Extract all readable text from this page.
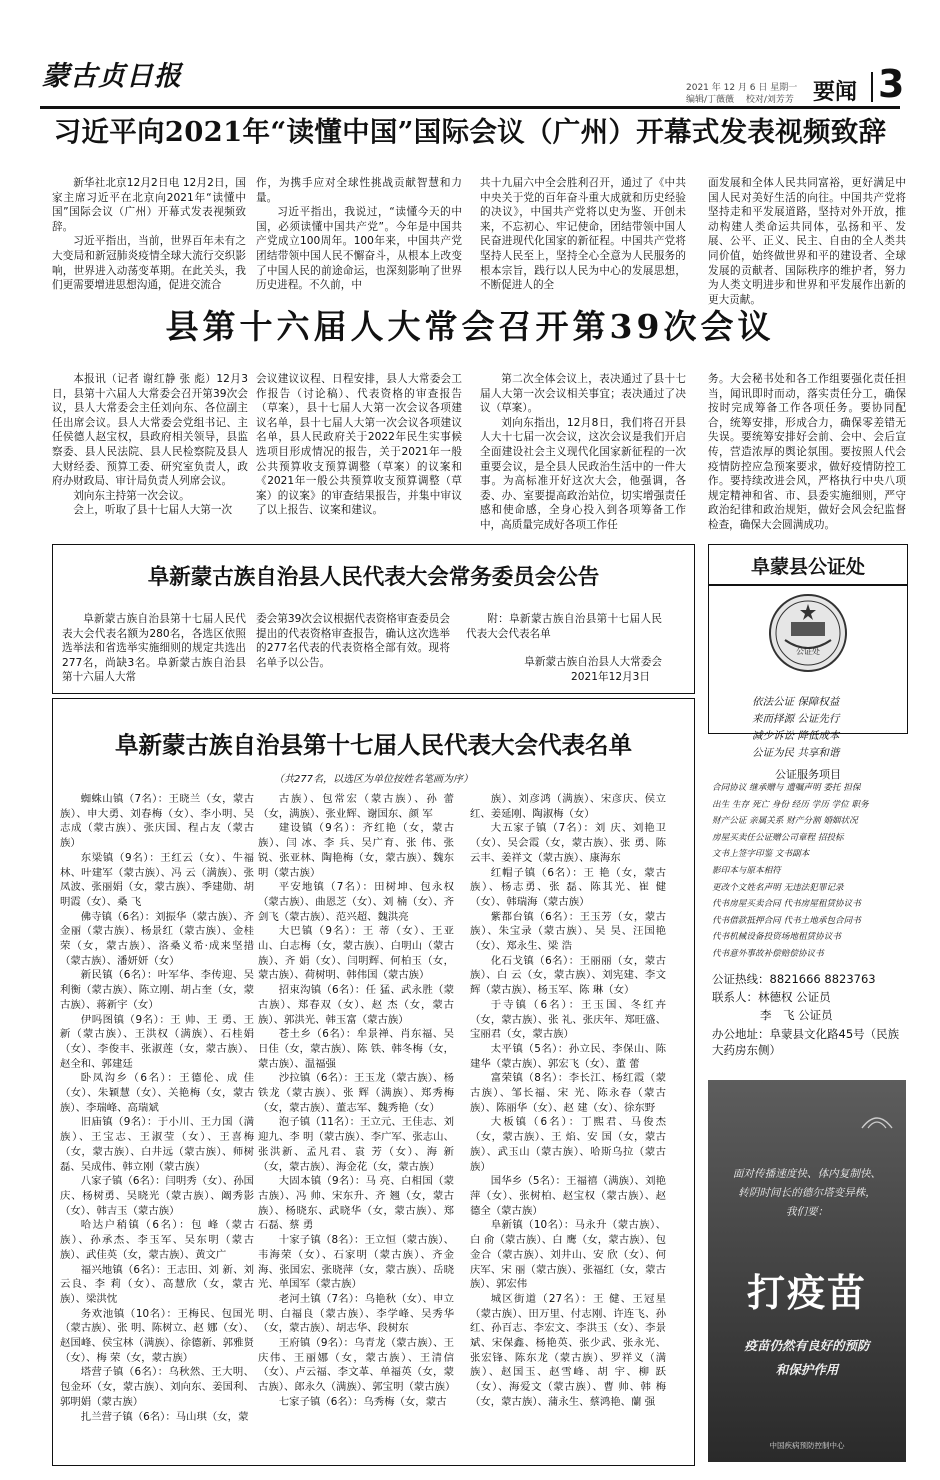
蒙古贞日报	2021 年 12 月 6 日 星期一
编辑/丁薇薇　 校对/刘芳芳 要闻 3
习近平向2021年“读懂中国”国际会议（广州）开幕式发表视频致辞

新华社北京12月2日电 12月2日，国家主席习近平在北京向2021年“读懂中国”国际会议（广州）开幕式发表视频致辞。

习近平指出，当前，世界百年未有之大变局和新冠肺炎疫情全球大流行交织影响，世界进入动荡变革期。在此关头，我们更需要增进思想沟通，促进交流合

作，为携手应对全球性挑战贡献智慧和力量。

习近平指出，我说过，“读懂今天的中国，必须读懂中国共产党”。今年是中国共产党成立100周年。100年来，中国共产党团结带领中国人民不懈奋斗，从根本上改变了中国人民的前途命运，也深刻影响了世界历史进程。不久前，中

共十九届六中全会胜利召开，通过了《中共中央关于党的百年奋斗重大成就和历史经验的决议》，中国共产党将以史为鉴、开创未来，不忘初心、牢记使命，团结带领中国人民奋进现代化国家的新征程。中国共产党将坚持人民至上，坚持全心全意为人民服务的根本宗旨，践行以人民为中心的发展思想，不断促进人的全

面发展和全体人民共同富裕，更好满足中国人民对美好生活的向往。中国共产党将坚持走和平发展道路，坚持对外开放，推动构建人类命运共同体，弘扬和平、发展、公平、正义、民主、自由的全人类共同价值，始终做世界和平的建设者、全球发展的贡献者、国际秩序的维护者，努力为人类文明进步和世界和平发展作出新的更大贡献。

县第十六届人大常会召开第39次会议

本报讯（记者 谢红静 张 彪）12月3日，县第十六届人大常委会召开第39次会议，县人大常委会主任刘向东、各位副主任出席会议。县人大常委会党组书记、主任侯德人赵宝权，县政府相关领导，县监察委、县人民法院、县人民检察院及县人大财经委、预算工委、研究室负责人，政府办财政局、审计局负责人列席会议。

刘向东主持第一次会议。

会上，听取了县十七届人大第一次

会议建议议程、日程安排，县人大常委会工作报告（讨论稿）、代表资格的审查报告（草案），县十七届人大第一次会议各项建议名单，县十七届人大第一次会议各项建议名单，县人民政府关于2022年民生实事候选项目形成情况的报告，关于2021年一般公共预算收支预算调整（草案）的议案和《2021年一般公共预算收支预算调整（草案）的议案》的审查结果报告，并集中审议了以上报告、议案和建议。

第二次全体会议上，表决通过了县十七届人大第一次会议相关事宜；表决通过了决议（草案）。

刘向东指出，12月8日，我们将召开县人大十七届一次会议，这次会议是我们开启全面建设社会主义现代化国家新征程的一次重要会议，是全县人民政治生活中的一件大事。为高标准开好这次大会，他强调，各委、办、室要提高政治站位，切实增强责任感和使命感，全身心投入到各项筹备工作中，高质量完成好各项工作任

务。大会秘书处和各工作组要强化责任担当，闻讯即时而动，落实责任分工，确保按时完成筹备工作各项任务。要协同配合，统筹安排，形成合力，确保零差错无失误。要统筹安排好会前、会中、会后宣传，营造浓厚的舆论氛围。要按照人代会疫情防控应急预案要求，做好疫情防控工作。要持续改进会风，严格执行中央八项规定精神和省、市、县委实施细则，严守政治纪律和政治规矩，做好会风会纪监督检查，确保大会圆满成功。

阜新蒙古族自治县人民代表大会常务委员会公告

阜新蒙古族自治县第十七届人民代表大会代表名额为280名，各选区依照选举法和省选举实施细则的规定共选出277名，尚缺3名。阜新蒙古族自治县第十六届人大常

委会第39次会议根据代表资格审查委员会提出的代表资格审查报告，确认这次选举的277名代表的代表资格全部有效。现将名单予以公告。

附：阜新蒙古族自治县第十七届人民代表大会代表名单

阜新蒙古族自治县人大常委会

2021年12月3日

阜新蒙古族自治县第十七届人民代表大会代表名单
（共277名，以选区为单位按姓名笔画为序）

蜘蛛山镇（7名）：王晓兰（女，蒙古族）、申大勇、刘春梅（女）、李小明、吴志成（蒙古族）、张庆国、程占友（蒙古族）

东梁镇（9名）：王红云（女）、牛福林、叶建军（蒙古族）、冯 云（满族）、张凤波、张丽娟（女，蒙古族）、季建勋、胡明霞（女）、桑 飞

佛寺镇（6名）：刘振华（蒙古族）、齐金丽（蒙古族）、杨景红（蒙古族）、金桂荣（女，蒙古族）、洛桑义希·成来坚措（蒙古族）、潘妍妍（女）

新民镇（6名）：叶军华、李传迎、吴利衡（蒙古族）、陈立刚、胡占奎（女，蒙古族）、蒋新宇（女）

伊吗图镇（9名）：王 帅、王 勇、王 新（蒙古族）、王洪权（满族）、石桂娟（女）、李俊丰、张淑莲（女，蒙古族）、赵全和、郭建廷

卧凤沟乡（6名）：王德伦、成 佳（女）、朱颖慧（女）、关艳梅（女，蒙古族）、李瑞峰、高瑞斌

旧庙镇（9名）：于小川、王力国（满族）、王宝志、王淑莹（女）、王喜梅（女，蒙古族）、白井远（蒙古族）、师树磊、吴成伟、韩立刚（蒙古族）

八家子镇（6名）：闫明秀（女）、孙国庆、杨树勇、吴晓光（蒙古族）、阚秀影（女）、韩吉玉（蒙古族）

哈达户稍镇（6名）：包 峰（蒙古族）、孙承杰、李玉军、吴东明（蒙古族）、武佳英（女，蒙古族）、黄文广

福兴地镇（6名）：王志田、刘 新、刘云良、李 莉（女）、高慧欣（女，蒙古族）、梁洪忱

务欢池镇（10名）：王梅民、包国光（蒙古族）、张 明、陈树立、赵 娜（女）、赵国峰、侯宝林（满族）、徐德新、郭雅贤（女）、梅 荣（女，蒙古族）

塔营子镇（6名）：乌秋然、王大明、包金环（女，蒙古族）、刘向东、姜国利、郭明娟（蒙古族）

扎兰营子镇（6名）：马山琪（女，蒙

古族）、包常宏（蒙古族）、孙 蕾（女，满族）、张业辉、谢国东、颜 军

建设镇（9名）：齐红艳（女，蒙古族）、闫 冰、李 兵、吴广育、张 伟、张 锐、张亚林、陶艳梅（女，蒙古族）、魏东明（蒙古族）

平安地镇（7名）：田树坤、包永权（蒙古族）、曲恩芝（女）、刘 楠（女）、齐剑飞（蒙古族）、范兴超、魏洪亮

大巴镇（9名）：王 蒂（女）、王亚山、白志梅（女，蒙古族）、白明山（蒙古族）、齐 娟（女）、闫明辉、何柏玉（女，蒙古族）、荷树明、韩伟国（蒙古族）

招束沟镇（6名）：任 猛、武永胜（蒙古族）、郑春双（女）、赵 杰（女，蒙古族）、郭洪光、韩玉富（蒙古族）

苍土乡（6名）：牟景禅、肖东福、吴日佳（女，蒙古族）、陈 铁、韩冬梅（女，蒙古族）、温福强

沙拉镇（6名）：王玉龙（蒙古族）、杨铁龙（蒙古族）、张 辉（满族）、郑秀梅（女，蒙古族）、董志军、魏秀艳（女）

泡子镇（11名）：王立元、王佳志、刘迎九、李 明（蒙古族）、李广军、张志山、张洪新、孟凡君、袁 芳（女）、海 新（女，蒙古族）、海金花（女，蒙古族）

大固本镇（9名）：马 亮、白相国（蒙古族）、冯 帅、宋东升、齐 翘（女，蒙古族）、杨晓东、武晓华（女，蒙古族）、郑石磊、蔡 勇

十家子镇（8名）：王立恒（蒙古族）、韦海荣（女）、石家明（蒙古族）、齐金海、张国宏、张晓萍（女，蒙古族）、岳晓光、单国军（蒙古族）

老河土镇（7名）：乌艳秋（女）、申立明、白福良（蒙古族）、李学峰、吴秀华（女，蒙古族）、胡志华、段树东

王府镇（9名）：乌青龙（蒙古族）、王庆伟、王丽娜（女，蒙古族）、王清信（女）、卢云福、李文革、单福英（女，蒙古族）、郎永久（满族）、郭宝明（蒙古族）

七家子镇（6名）：乌秀梅（女，蒙古

族）、刘彦鸿（满族）、宋彦庆、侯立红、姜延刚、陶淑梅（女）

大五家子镇（7名）：刘 庆、刘艳卫（女）、吴会霞（女，蒙古族）、张 勇、陈云丰、姜祥文（蒙古族）、康海东

红帽子镇（6名）：王 艳（女，蒙古族）、杨志勇、张 磊、陈其光、崔 健（女）、韩瑞海（蒙古族）

紫都台镇（6名）：王玉芳（女，蒙古族）、朱宝录（蒙古族）、吴 昊、汪国艳（女）、郑永生、梁 浩

化石戈镇（6名）：王丽丽（女，蒙古族）、白 云（女，蒙古族）、刘宪建、李文辉（蒙古族）、杨玉军、陈 琳（女）

于寺镇（6名）：王玉国、冬红卉（女，蒙古族）、张 礼、张庆年、郑旺盛、宝丽君（女，蒙古族）

太平镇（5名）：孙立民、李保山、陈建华（蒙古族）、郭宏飞（女）、董 蕾

富荣镇（8名）：李长江、杨红霞（蒙古族）、邹长福、宋 光、陈永春（蒙古族）、陈丽华（女）、赵 建（女）、徐东野

大板镇（6名）：丁熙君、马俊杰（女，蒙古族）、王 焰、安 国（女，蒙古族）、武玉山（蒙古族）、哈斯乌拉（蒙古族）

国华乡（5名）：王福禧（满族）、刘艳萍（女）、张树柏、赵宝权（蒙古族）、赵德全（蒙古族）

阜新镇（10名）：马永升（蒙古族）、白 俞（蒙古族）、白 鹰（女，蒙古族）、包金合（蒙古族）、刘井山、安 欣（女）、何庆军、宋 丽（蒙古族）、张福红（女，蒙古族）、郭宏伟

城区街道（27名）：王 健、王冠星（蒙古族）、田万里、付志刚、许连飞、孙红、孙百志、李宏文、李洪玉（女）、李景斌、宋保鑫、杨艳英、张少武、张永光、张宏锋、陈东龙（蒙古族）、罗祥义（满族）、赵国玉、赵雪峰、胡 宇、柳 跃（女）、海爱文（蒙古族）、曹 帅、韩 梅（女，蒙古族）、蒲永生、蔡鸿艳、蘭 强

阜蒙县公证处
公证处
依法公证 保障权益
来而择源 公证先行
减少诉讼 降低成本
公证为民 共享和谐
公证服务项目
合同协议 继承赠与 遗嘱声明 委托 担保
出生 生存 死亡 身份 经历 学历 学位 职务
财产公证 亲属关系 财产分割 婚姻状况
房屋买卖任公证赠公司章程 招投标
文书上签字印鉴 文书副本
影印本与原本相符
更改个文姓名声明 无违法犯罪记录
代书房屋买卖合同 代书房屋租赁协议书
代书借款抵押合同 代书土地承包合同书
代书机械设备投资场地租赁协议书
代书意外事故补偿赔偿协议书
公证热线：8821666 8823763
联系人：林德权 公证员
李　飞 公证员
办公地址：阜蒙县文化路45号（民族大药房东侧）
面对传播速度快、体内复制快、
转阴时间长的德尔塔变异株，
我们要：
打疫苗
疫苗仍然有良好的预防
和保护作用
中国疾病预防控制中心
